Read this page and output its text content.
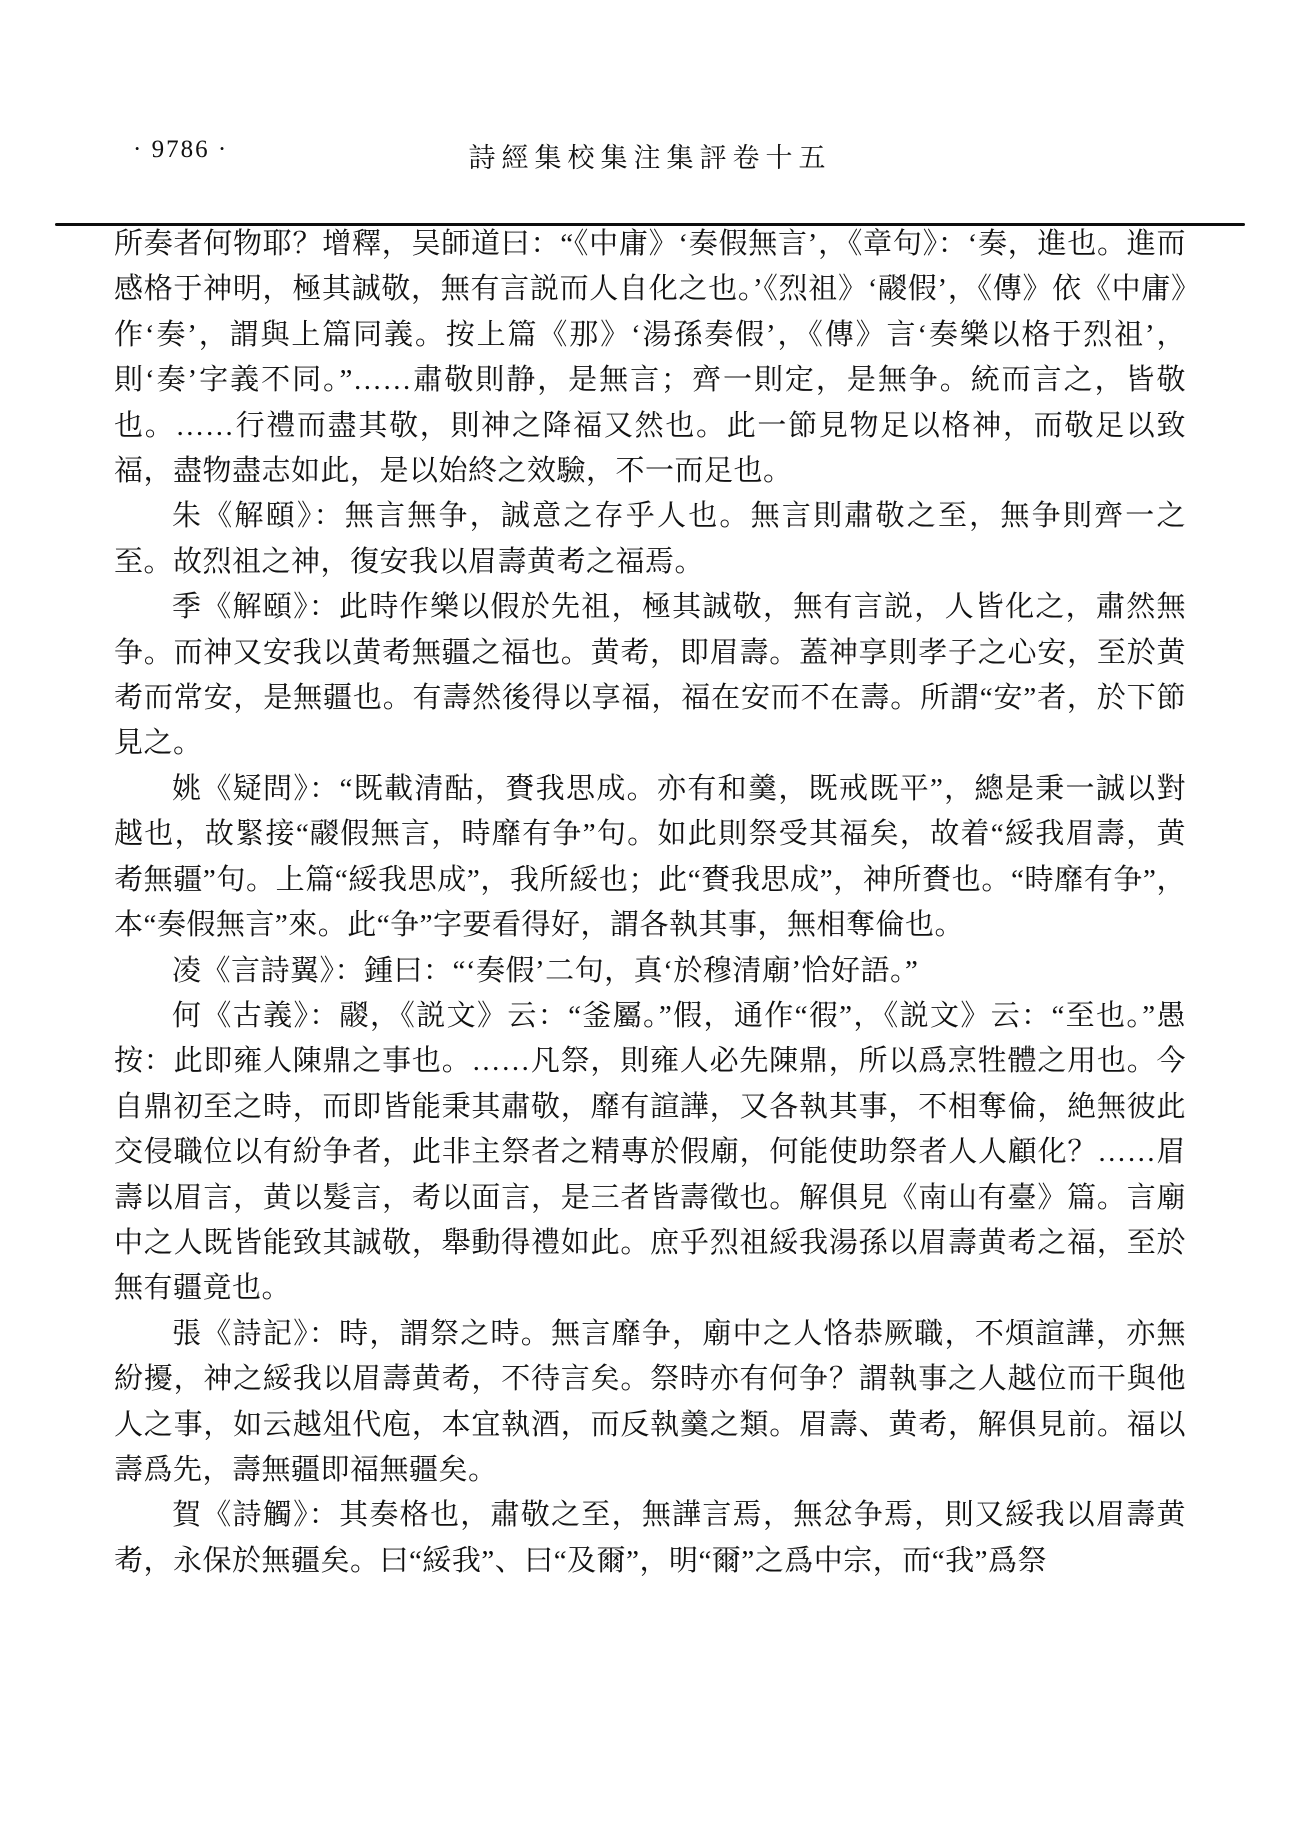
· 9786 ·	詩經集校集注集評卷十五

所奏者何物耶？增釋，吴師道曰：“《中庸》‘奏假無言’，《章句》：‘奏，進也。進而感格于神明，極其誠敬，無有言説而人自化之也。’《烈祖》‘鬷假’，《傳》依《中庸》作‘奏’，謂與上篇同義。按上篇《那》‘湯孫奏假’，《傳》言‘奏樂以格于烈祖’，則‘奏’字義不同。”……肅敬則静，是無言；齊一則定，是無争。統而言之，皆敬也。……行禮而盡其敬，則神之降福又然也。此一節見物足以格神，而敬足以致福，盡物盡志如此，是以始終之效驗，不一而足也。

朱《解頤》：無言無争，誠意之存乎人也。無言則肅敬之至，無争則齊一之至。故烈祖之神，復安我以眉壽黄耇之福焉。

季《解頤》：此時作樂以假於先祖，極其誠敬，無有言説，人皆化之，肅然無争。而神又安我以黄耇無疆之福也。黄耇，即眉壽。蓋神享則孝子之心安，至於黄耇而常安，是無疆也。有壽然後得以享福，福在安而不在壽。所謂“安”者，於下節見之。

姚《疑問》：“既載清酤，賚我思成。亦有和羹，既戒既平”，總是秉一誠以對越也，故緊接“鬷假無言，時靡有争”句。如此則祭受其福矣，故着“綏我眉壽，黄耇無疆”句。上篇“綏我思成”，我所綏也；此“賚我思成”，神所賚也。“時靡有争”，本“奏假無言”來。此“争”字要看得好，謂各執其事，無相奪倫也。

凌《言詩翼》：鍾曰：“‘奏假’二句，真‘於穆清廟’恰好語。”

何《古義》：鬷，《説文》云：“釜屬。”假，通作“徦”，《説文》云：“至也。”愚按：此即雍人陳鼎之事也。……凡祭，則雍人必先陳鼎，所以爲烹牲體之用也。今自鼎初至之時，而即皆能秉其肅敬，靡有諠譁，又各執其事，不相奪倫，絶無彼此交侵職位以有紛争者，此非主祭者之精專於假廟，何能使助祭者人人顧化？……眉壽以眉言，黄以髮言，耇以面言，是三者皆壽徵也。解俱見《南山有臺》篇。言廟中之人既皆能致其誠敬，舉動得禮如此。庶乎烈祖綏我湯孫以眉壽黄耇之福，至於無有疆竟也。

張《詩記》：時，謂祭之時。無言靡争，廟中之人恪恭厥職，不煩諠譁，亦無紛擾，神之綏我以眉壽黄耇，不待言矣。祭時亦有何争？謂執事之人越位而干與他人之事，如云越俎代庖，本宜執酒，而反執羹之類。眉壽、黄耇，解俱見前。福以壽爲先，壽無疆即福無疆矣。

賀《詩觸》：其奏格也，肅敬之至，無譁言焉，無忿争焉，則又綏我以眉壽黄耇，永保於無疆矣。曰“綏我”、曰“及爾”，明“爾”之爲中宗，而“我”爲祭
